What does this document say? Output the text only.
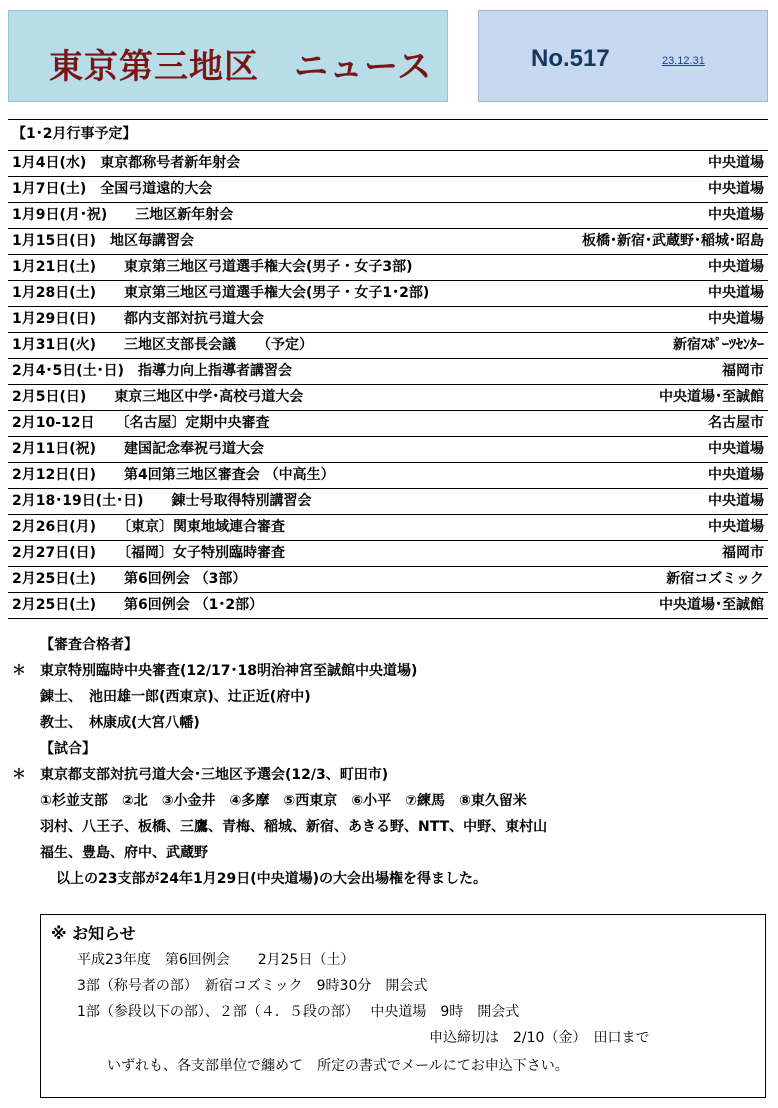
東京第三地区　ニュース	No.517	23.12.31
【1･2月行事予定】
1月4日(水)　東京都称号者新年射会	中央道場
1月7日(土)　全国弓道遠的大会	中央道場
1月9日(月･祝)　　三地区新年射会	中央道場
1月15日(日)　地区毎講習会	板橋･新宿･武蔵野･稲城･昭島
1月21日(土)　　東京第三地区弓道選手権大会(男子・女子3部)	中央道場
1月28日(土)　　東京第三地区弓道選手権大会(男子・女子1･2部)	中央道場
1月29日(日)　　都内支部対抗弓道大会	中央道場
1月31日(火)　　三地区支部長会議　　（予定）	新宿ｽﾎﾟｰﾂｾﾝﾀｰ
2月4･5日(土･日)　指導力向上指導者講習会	福岡市
2月5日(日)　　東京三地区中学･高校弓道大会	中央道場･至誠館
2月10-12日　　〔名古屋〕定期中央審査	名古屋市
2月11日(祝)　　建国記念奉祝弓道大会	中央道場
2月12日(日)　　第4回第三地区審査会 （中高生）	中央道場
2月18･19日(土･日)　　錬士号取得特別講習会	中央道場
2月26日(月)　　〔東京〕関東地域連合審査	中央道場
2月27日(日)　　〔福岡〕女子特別臨時審査	福岡市
2月25日(土)　　第6回例会 （3部）	新宿コズミック
2月25日(土)　　第6回例会 （1･2部）	中央道場･至誠館
【審査合格者】
＊ 東京特別臨時中央審査(12/17･18明治神宮至誠館中央道場)
錬士、　池田雄一郎(西東京)、辻正近(府中)
教士、　林康成(大宮八幡)
【試合】
＊ 東京都支部対抗弓道大会･三地区予選会(12/3、町田市)
①杉並支部　②北　③小金井　④多摩　⑤西東京　⑥小平　⑦練馬　⑧東久留米
羽村、八王子、板橋、三鷹、青梅、稲城、新宿、あきる野、NTT、中野、東村山
福生、豊島、府中、武蔵野
以上の23支部が24年1月29日(中央道場)の大会出場権を得ました。
※ お知らせ
平成23年度　第6回例会　　2月25日（土）
3部（称号者の部）　新宿コズミック　9時30分　開会式
1部（参段以下の部）、２部（４．５段の部）　 中央道場　9時　開会式
申込締切は　2/10（金）　田口まで
いずれも、各支部単位で纏めて　所定の書式でメールにてお申込下さい。
